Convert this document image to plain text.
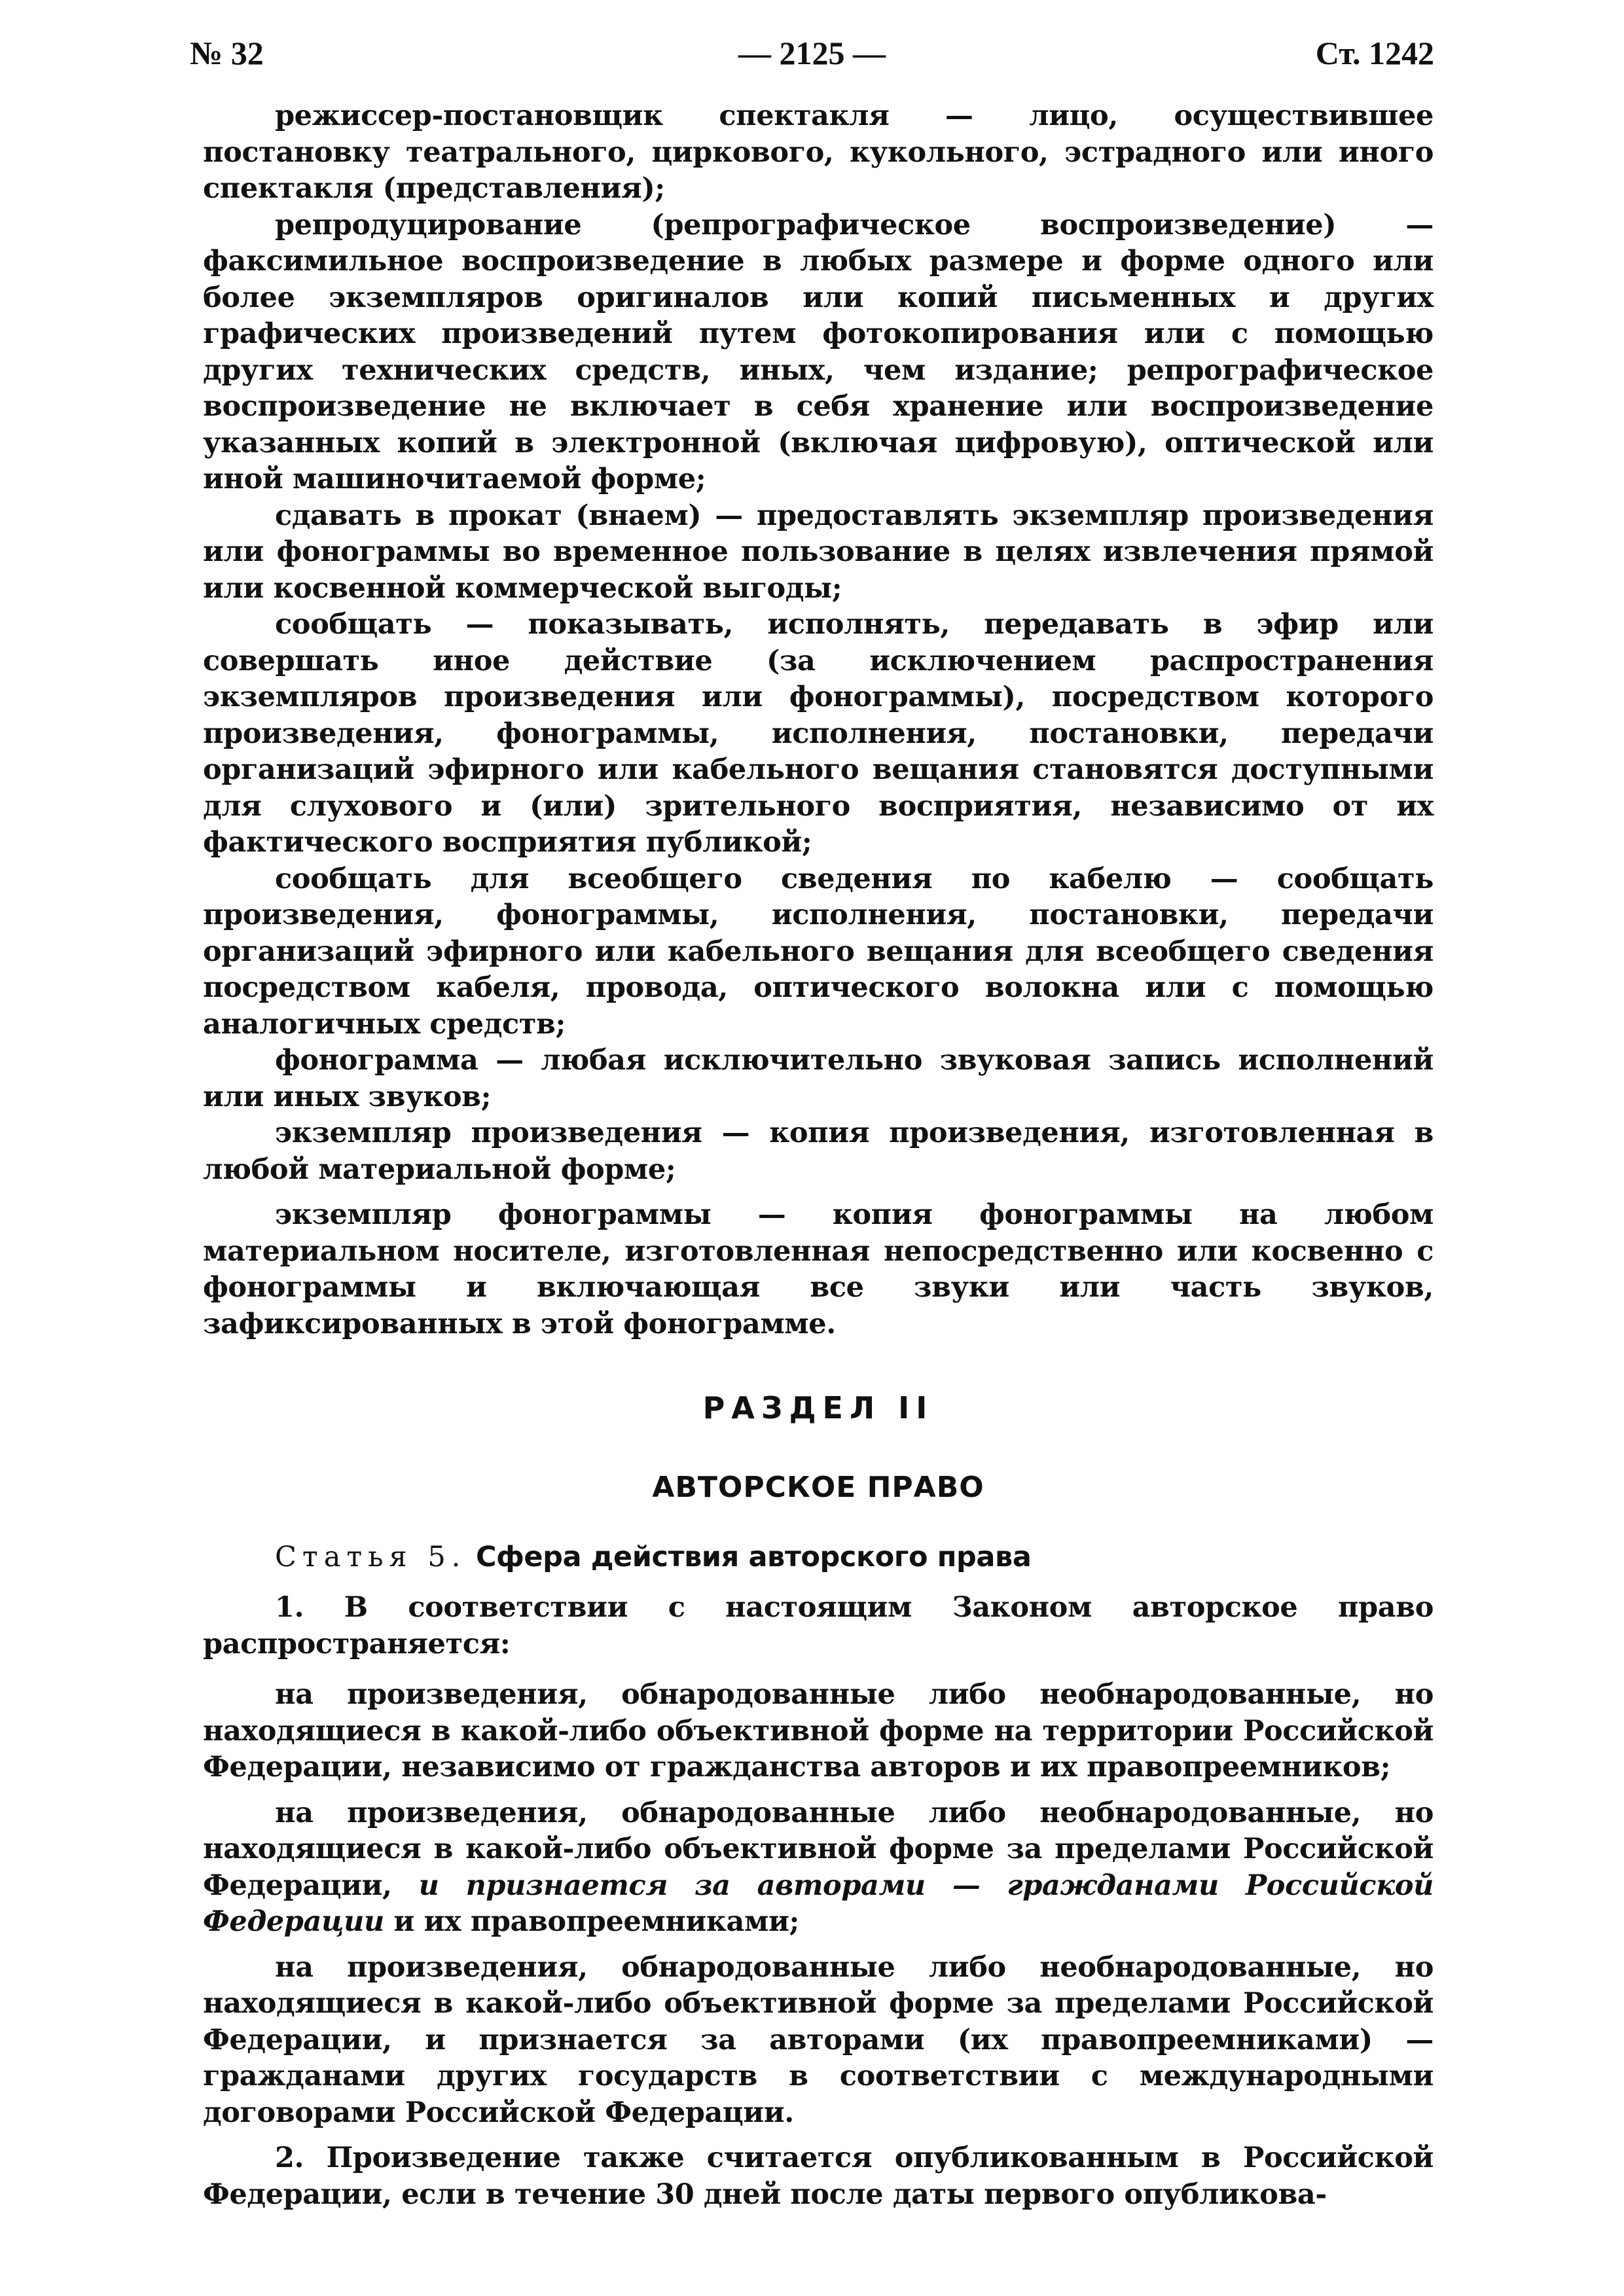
№ 32	— 2125 —	Ст. 1242

режиссер-постановщик спектакля — лицо, осуществившее постановку театрального, циркового, кукольного, эстрадного или иного спектакля (представления);

репродуцирование (репрографическое воспроизведение) — факсимильное воспроизведение в любых размере и форме одного или более экземпляров оригиналов или копий письменных и других графических произведений путем фотокопирования или с помощью других технических средств, иных, чем издание; репрографическое воспроизведение не включает в себя хранение или воспроизведение указанных копий в электронной (включая цифровую), оптической или иной машиночитаемой форме;

сдавать в прокат (внаем) — предоставлять экземпляр произведения или фонограммы во временное пользование в целях извлечения прямой или косвенной коммерческой выгоды;

сообщать — показывать, исполнять, передавать в эфир или совершать иное действие (за исключением распространения экземпляров произведения или фонограммы), посредством которого произведения, фонограммы, исполнения, постановки, передачи организаций эфирного или кабельного вещания становятся доступными для слухового и (или) зрительного восприятия, независимо от их фактического восприятия публикой;

сообщать для всеобщего сведения по кабелю — сообщать произведения, фонограммы, исполнения, постановки, передачи организаций эфирного или кабельного вещания для всеобщего сведения посредством кабеля, провода, оптического волокна или с помощью аналогичных средств;

фонограмма — любая исключительно звуковая запись исполнений или иных звуков;

экземпляр произведения — копия произведения, изготовленная в любой материальной форме;

экземпляр фонограммы — копия фонограммы на любом материальном носителе, изготовленная непосредственно или косвенно с фонограммы и включающая все звуки или часть звуков, зафиксированных в этой фонограмме.

РАЗДЕЛ II
АВТОРСКОЕ ПРАВО
Статья 5. Сфера действия авторского права

1. В соответствии с настоящим Законом авторское право распространяется:

на произведения, обнародованные либо необнародованные, но находящиеся в какой-либо объективной форме на территории Российской Федерации, независимо от гражданства авторов и их правопреемников;

на произведения, обнародованные либо необнародованные, но находящиеся в какой-либо объективной форме за пределами Российской Федерации, и признается за авторами — гражданами Российской Федерации и их правопреемниками;

на произведения, обнародованные либо необнародованные, но находящиеся в какой-либо объективной форме за пределами Российской Федерации, и признается за авторами (их правопреемниками) — гражданами других государств в соответствии с международными договорами Российской Федерации.

2. Произведение также считается опубликованным в Российской Федерации, если в течение 30 дней после даты первого опубликова-
